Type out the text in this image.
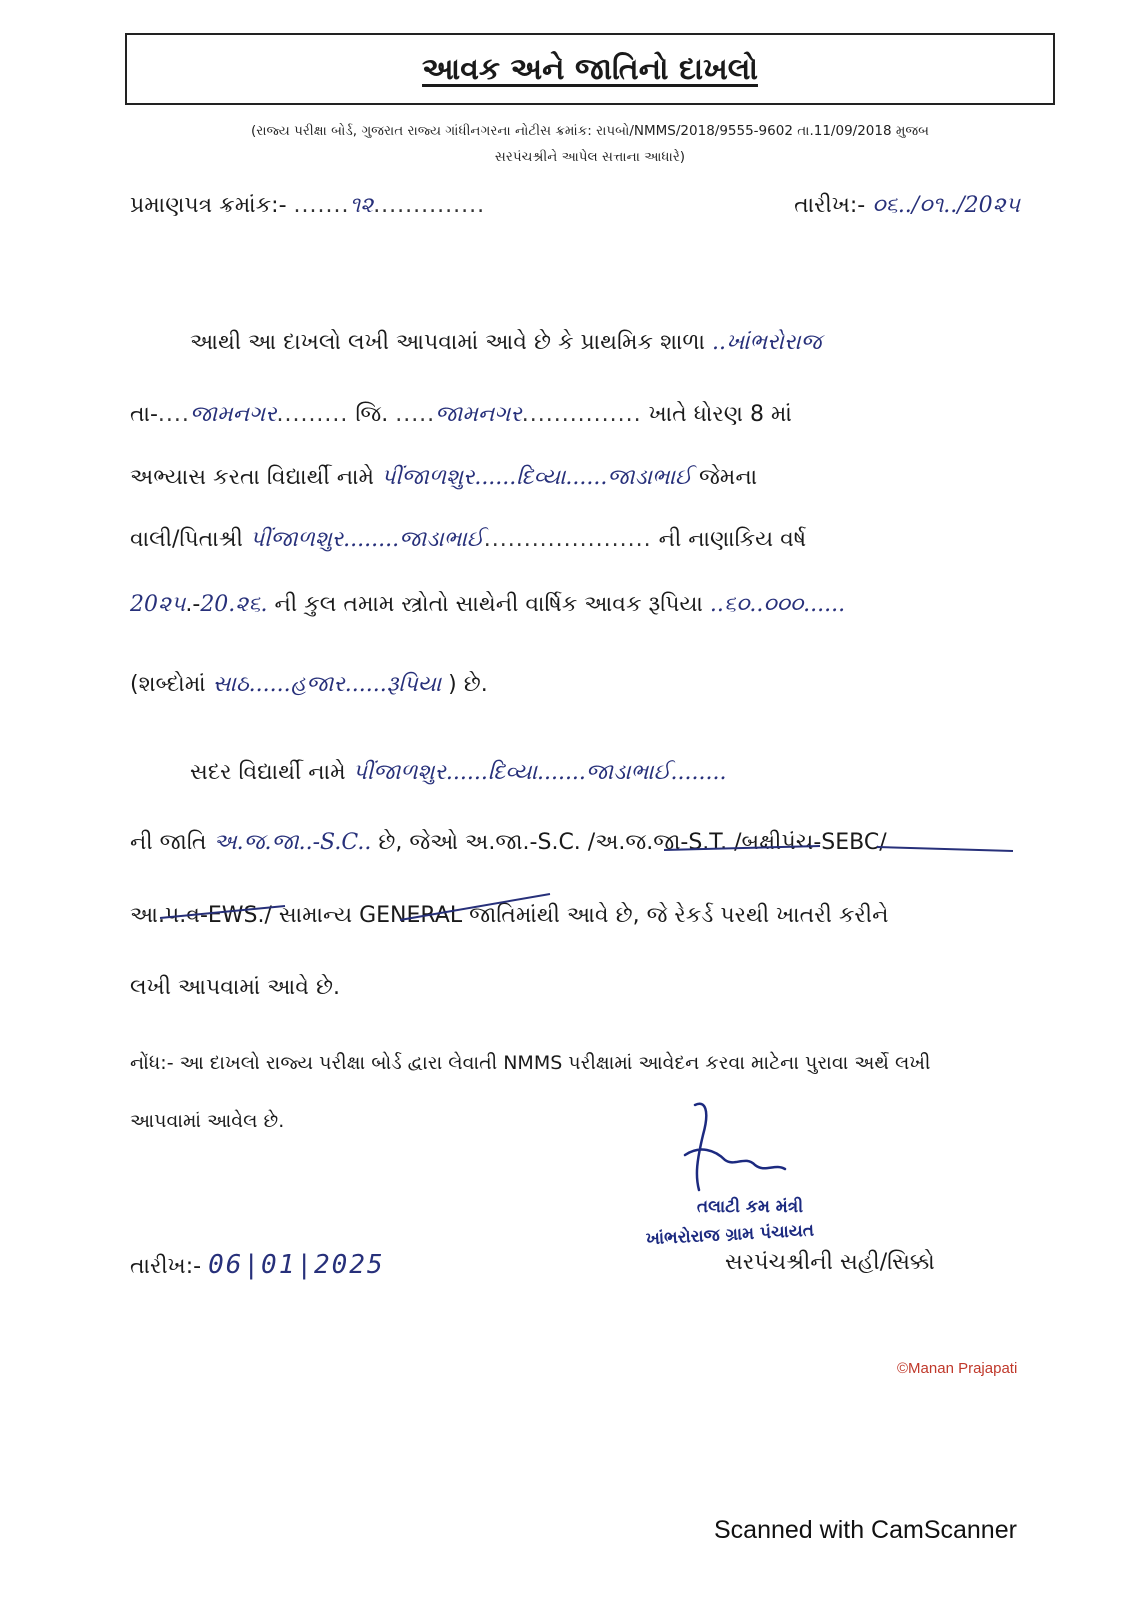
આવક અને જાતિનો દાખલો
(રાજ્ય પરીક્ષા બોર્ડ, ગુજરાત રાજ્ય ગાંધીનગરના નોટીસ ક્રમાંક: રાપબો/NMMS/2018/9555-9602 તા.11/09/2018 મુજબ
સરપંચશ્રીને આપેલ સત્તાના આધારે)
પ્રમાણપત્ર ક્રમાંક:- .......૧૨..............	તારીખ:- ૦૬../૦૧../20૨૫
આથી આ દાખલો લખી આપવામાં આવે છે કે પ્રાથમિક શાળા ..ખાંભરોરાજ
તા-....જામનગર......... જિ. .....જામનગર............... ખાતે ધોરણ 8 માં
અભ્યાસ કરતા વિદ્યાર્થી નામે પીંજાળશુર......દિવ્યા......જાડાભાઈ જેમના
વાલી/પિતાશ્રી પીંજાળશુર........જાડાભાઈ..................... ની નાણાકિય વર્ષ
20૨૫.-20.૨૬. ની કુલ તમામ સ્ત્રોતો સાથેની વાર્ષિક આવક રૂપિયા ..૬૦..૦૦૦......
(શબ્દોમાં સાઠ......હજાર......રૂપિયા ) છે.
સદર વિદ્યાર્થી નામે પીંજાળશુર......દિવ્યા.......જાડાભાઈ........
ની જાતિ અ.જ.જા..-S.C.. છે, જેઓ અ.જા.-S.C. /અ.જ.જા-S.T. /બક્ષીપંચ-SEBC/
આ.પ.વ-EWS./ સામાન્ય GENERAL જાતિમાંથી આવે છે, જે રેકર્ડ પરથી ખાતરી કરીને
લખી આપવામાં આવે છે.
નોંધ:- આ દાખલો રાજ્ય પરીક્ષા બોર્ડ દ્વારા લેવાતી NMMS પરીક્ષામાં આવેદન કરવા માટેના પુરાવા અર્થે લખી
આપવામાં આવેલ છે.
તલાટી કમ મંત્રી
ખાંભરોરાજ ગ્રામ પંચાયત
તારીખ:- 06|01|2025	સરપંચશ્રીની સહી/સિક્કો
©Manan Prajapati
Scanned with CamScanner
